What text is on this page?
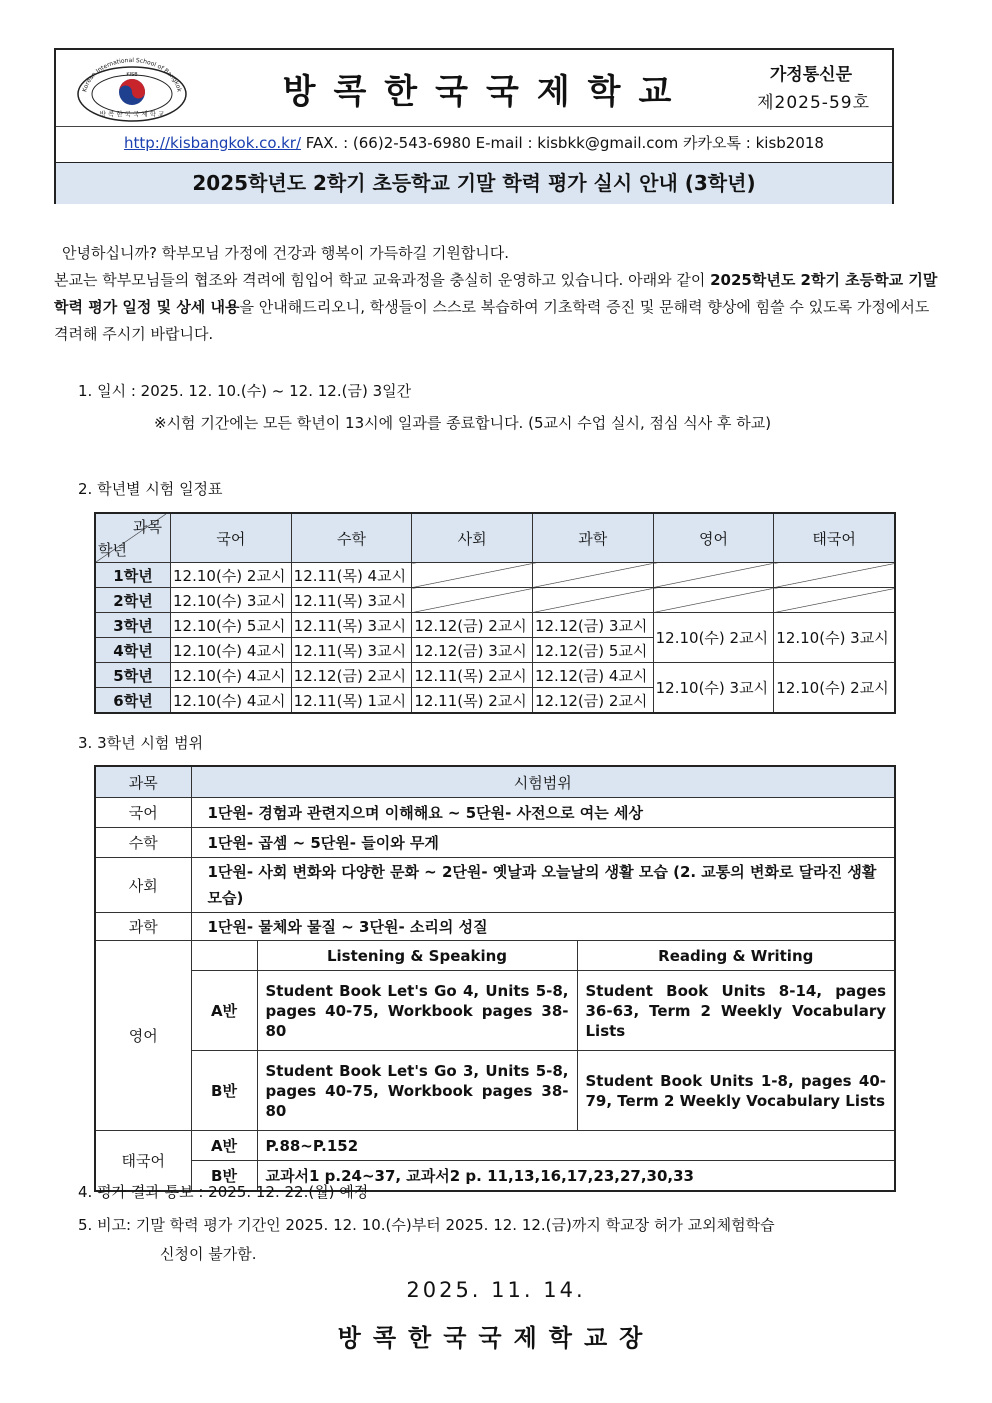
Korean International School of Bangkok
KISB
방 콕 한 국 국 제 학 교
방콕한국국제학교	가정통신문
제2025-59호
http://kisbangkok.co.kr/ FAX. : (66)2-543-6980 E-mail : kisbkk@gmail.com 카카오톡 : kisb2018
2025학년도 2학기 초등학교 기말 학력 평가 실시 안내 (3학년)
안녕하십니까? 학부모님 가정에 건강과 행복이 가득하길 기원합니다.
본교는 학부모님들의 협조와 격려에 힘입어 학교 교육과정을 충실히 운영하고 있습니다. 아래와 같이 2025학년도 2학기 초등학교 기말 학력 평가 일정 및 상세 내용을 안내해드리오니, 학생들이 스스로 복습하여 기초학력 증진 및 문해력 향상에 힘쓸 수 있도록 가정에서도 격려해 주시기 바랍니다.
1. 일시 : 2025. 12. 10.(수) ~ 12. 12.(금) 3일간
※시험 기간에는 모든 학년이 13시에 일과를 종료합니다. (5교시 수업 실시, 점심 식사 후 하교)
2. 학년별 시험 일정표
과목
학년	국어	수학	사회	과학	영어	태국어
1학년	12.10(수) 2교시	12.11(목) 4교시				
2학년	12.10(수) 3교시	12.11(목) 3교시				
3학년	12.10(수) 5교시	12.11(목) 3교시	12.12(금) 2교시	12.12(금) 3교시	12.10(수) 2교시	12.10(수) 3교시
4학년	12.10(수) 4교시	12.11(목) 3교시	12.12(금) 3교시	12.12(금) 5교시		
5학년	12.10(수) 4교시	12.12(금) 2교시	12.11(목) 2교시	12.12(금) 4교시	12.10(수) 3교시	12.10(수) 2교시
6학년	12.10(수) 4교시	12.11(목) 1교시	12.11(목) 2교시	12.12(금) 2교시		
3. 3학년 시험 범위
과목	시험범위		
국어	1단원- 경험과 관련지으며 이해해요 ~ 5단원- 사전으로 여는 세상		
수학	1단원- 곱셈 ~ 5단원- 들이와 무게		
사회	1단원- 사회 변화와 다양한 문화 ~ 2단원- 옛날과 오늘날의 생활 모습 (2. 교통의 변화로 달라진 생활 모습)		
과학	1단원- 물체와 물질 ~ 3단원- 소리의 성질		
영어		Listening & Speaking	Reading & Writing
	A반	Student Book Let's Go 4, Units 5-8, pages 40-75, Workbook pages 38-80	Student Book Units 8-14, pages 36-63, Term 2 Weekly Vocabulary Lists
	B반	Student Book Let's Go 3, Units 5-8, pages 40-75, Workbook pages 38-80	Student Book Units 1-8, pages 40-79, Term 2 Weekly Vocabulary Lists
태국어	A반	P.88~P.152	
	B반	교과서1 p.24~37, 교과서2 p. 11,13,16,17,23,27,30,33	
4. 평가 결과 통보 : 2025. 12. 22.(월) 예정
5. 비고: 기말 학력 평가 기간인 2025. 12. 10.(수)부터 2025. 12. 12.(금)까지 학교장 허가 교외체험학습
신청이 불가함.
2025. 11. 14.
방콕한국국제학교장
